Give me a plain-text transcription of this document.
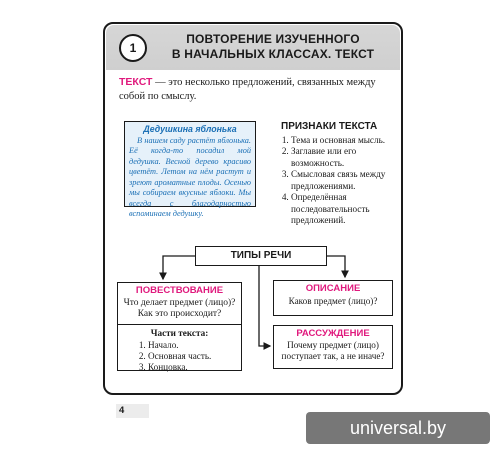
1
ПОВТОРЕНИЕ ИЗУЧЕННОГО
В НАЧАЛЬНЫХ КЛАССАХ. ТЕКСТ
ТЕКСТ — это несколько предложений, связанных между собой по смыслу.
Дедушкина яблонька
В нашем саду растёт яблонька. Её когда-то посадил мой дедушка. Весной дерево красиво цветёт. Летом на нём растут и зреют ароматные плоды. Осенью мы собираем вкусные яблоки. Мы всегда с благодарностью вспоминаем дедушку.
ПРИЗНАКИ ТЕКСТА
1. Тема и основная мысль.
2. Заглавие или его возможность.
3. Смысловая связь между предложениями.
4. Определённая последовательность предложений.
ТИПЫ РЕЧИ
ПОВЕСТВОВАНИЕ
Что делает предмет (лицо)? Как это происходит?
Части текста:
1. Начало.
2. Основная часть.
3. Концовка.
ОПИСАНИЕ
Каков предмет (лицо)?
РАССУЖДЕНИЕ
Почему предмет (лицо) поступает так, а не иначе?
4
universal.by
